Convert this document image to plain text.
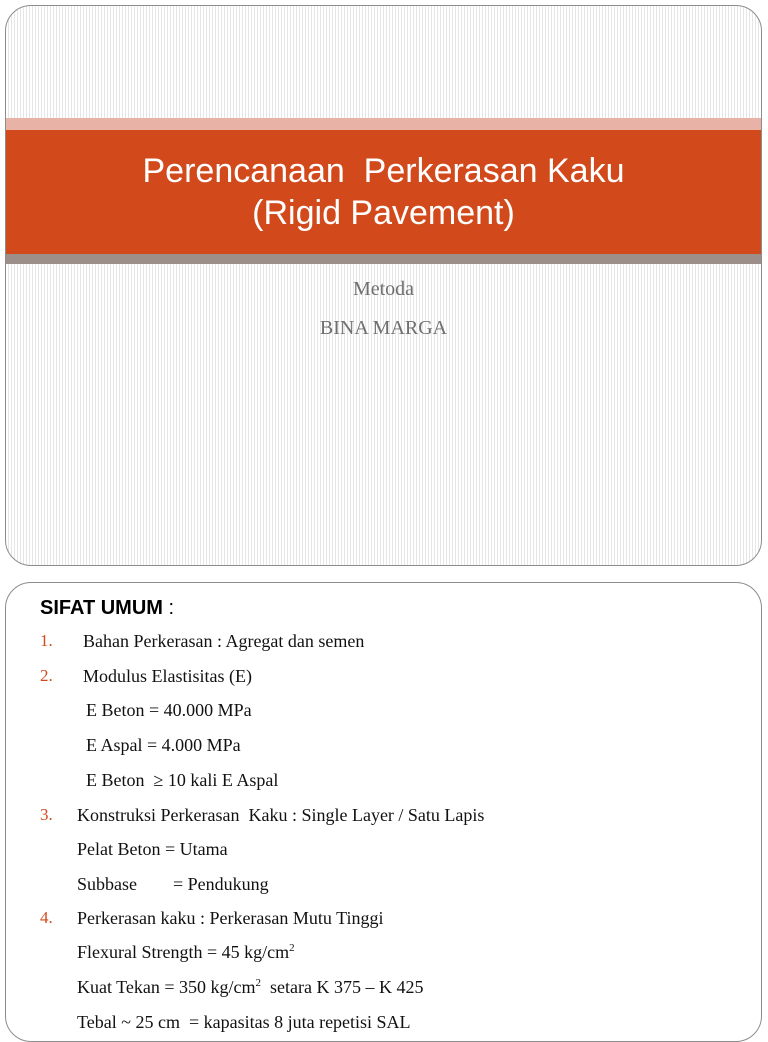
Perencanaan  Perkerasan Kaku
(Rigid Pavement)
Metoda
BINA MARGA
SIFAT UMUM :
1. Bahan Perkerasan : Agregat dan semen
2. Modulus Elastisitas (E)
E Beton = 40.000 MPa
E Aspal = 4.000 MPa
E Beton  ≥ 10 kali E Aspal
3. Konstruksi Perkerasan  Kaku : Single Layer / Satu Lapis
Pelat Beton = Utama
Subbase        = Pendukung
4. Perkerasan kaku : Perkerasan Mutu Tinggi
Flexural Strength = 45 $kg/cm^2$
Kuat Tekan = 350 $kg/cm^2$  setara K 375 – K 425
Tebal ~ 25 cm  = kapasitas 8 juta repetisi SAL
